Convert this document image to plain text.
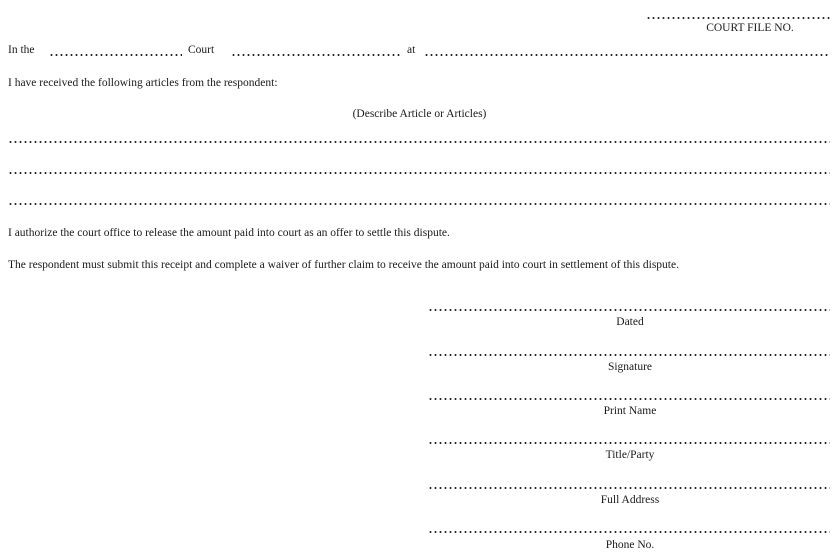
COURT FILE NO.
In the	Court	at
I have received the following articles from the respondent:
(Describe Article or Articles)
I authorize the court office to release the amount paid into court as an offer to settle this dispute.
The respondent must submit this receipt and complete a waiver of further claim to receive the amount paid into court in settlement of this dispute.
Dated
Signature
Print Name
Title/Party
Full Address
Phone No.
